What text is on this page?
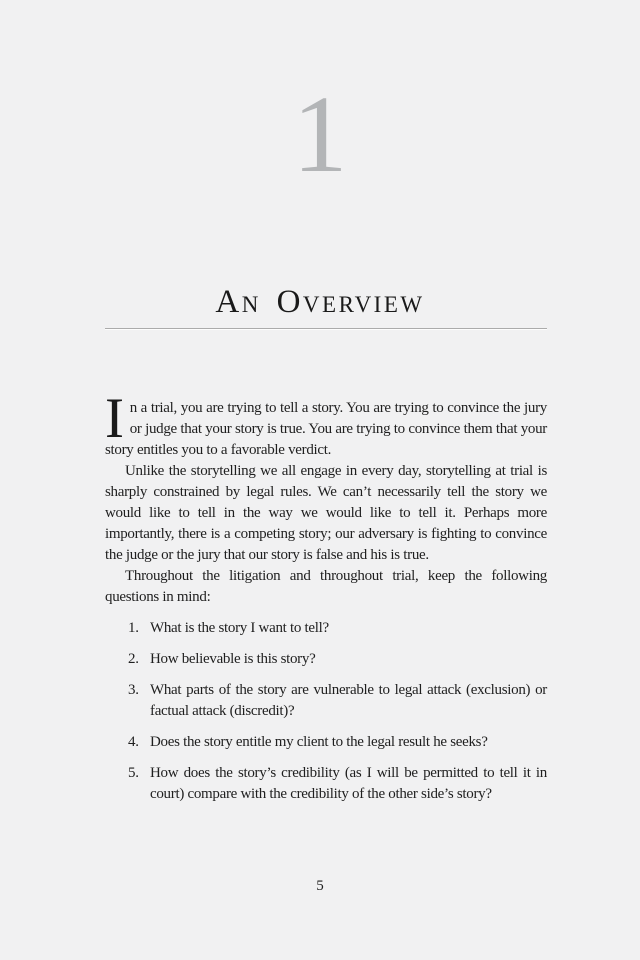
1
An Overview

In a trial, you are trying to tell a story. You are trying to convince the jury or judge that your story is true. You are trying to convince them that your story entitles you to a favorable verdict.

Unlike the storytelling we all engage in every day, storytelling at trial is sharply constrained by legal rules. We can’t necessarily tell the story we would like to tell in the way we would like to tell it. Perhaps more importantly, there is a competing story; our adversary is fighting to convince the judge or the jury that our story is false and his is true.

Throughout the litigation and throughout trial, keep the following questions in mind:

1. What is the story I want to tell?
2. How believable is this story?
3. What parts of the story are vulnerable to legal attack (exclusion) or factual attack (discredit)?
4. Does the story entitle my client to the legal result he seeks?
5. How does the story’s credibility (as I will be permitted to tell it in court) compare with the credibility of the other side’s story?
5
